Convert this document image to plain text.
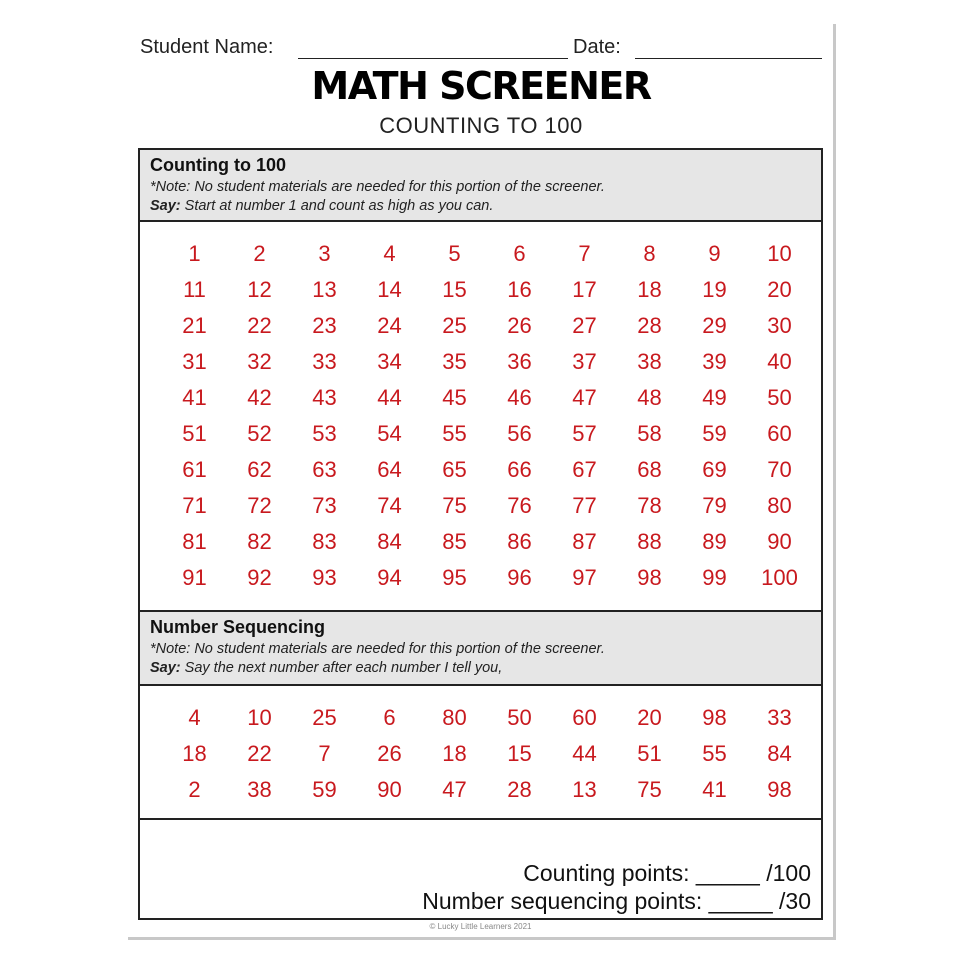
Student Name:	Date:
MATH SCREENER
COUNTING TO 100
Counting to 100
*Note: No student materials are needed for this portion of the screener.
Say: Start at number 1 and count as high as you can.
1	2	3	4	5	6	7	8	9	10
11	12	13	14	15	16	17	18	19	20
21	22	23	24	25	26	27	28	29	30
31	32	33	34	35	36	37	38	39	40
41	42	43	44	45	46	47	48	49	50
51	52	53	54	55	56	57	58	59	60
61	62	63	64	65	66	67	68	69	70
71	72	73	74	75	76	77	78	79	80
81	82	83	84	85	86	87	88	89	90
91	92	93	94	95	96	97	98	99	100
Number Sequencing
*Note: No student materials are needed for this portion of the screener.
Say: Say the next number after each number I tell you,
4	10	25	6	80	50	60	20	98	33
18	22	7	26	18	15	44	51	55	84
2	38	59	90	47	28	13	75	41	98
Counting points: _____ /100
Number sequencing points: _____ /30
© Lucky Little Learners 2021
